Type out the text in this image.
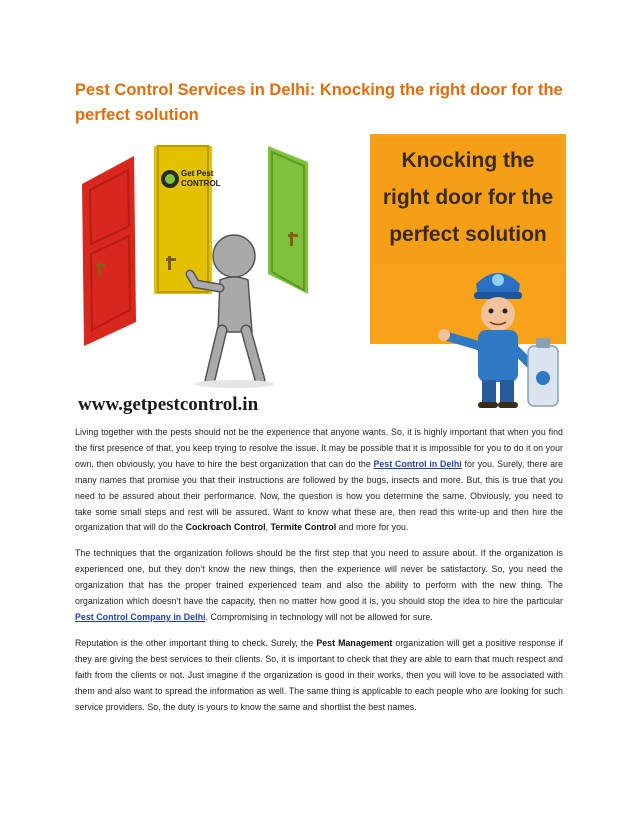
Pest Control Services in Delhi: Knocking the right door for the perfect solution
Knocking the
right door for the
perfect solution
Get Pest
CONTROL
www.getpestcontrol.in

Living together with the pests should not be the experience that anyone wants. So, it is highly important that when you find the first presence of that, you keep trying to resolve the issue. It may be possible that it is impossible for you to do it on your own, then obviously, you have to hire the best organization that can do the Pest Control in Delhi for you. Surely, there are many names that promise you that their instructions are followed by the bugs, insects and more. But, this is true that you need to be assured about their performance. Now, the question is how you determine the same. Obviously, you need to take some small steps and rest will be assured. Want to know what these are, then read this write-up and then hire the organization that will do the Cockroach Control, Termite Control and more for you.

The techniques that the organization follows should be the first step that you need to assure about. If the organization is experienced one, but they don’t know the new things, then the experience will never be satisfactory. So, you need the organization that has the proper trained experienced team and also the ability to perform with the new thing. The organization which doesn’t have the capacity, then no matter how good it is, you should stop the idea to hire the particular Pest Control Company in Delhi. Compromising in technology will not be allowed for sure.

Reputation is the other important thing to check. Surely, the Pest Management organization will get a positive response if they are giving the best services to their clients. So, it is important to check that they are able to earn that much respect and faith from the clients or not. Just imagine if the organization is good in their works, then you will love to be associated with them and also want to spread the information as well. The same thing is applicable to each people who are looking for such service providers. So, the duty is yours to know the same and shortlist the best names.
